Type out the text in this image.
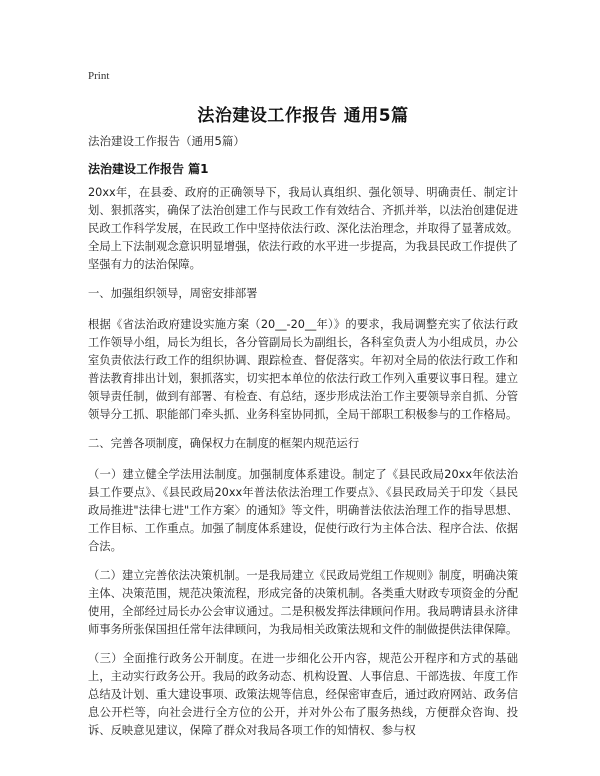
Print
法治建设工作报告 通用5篇
法治建设工作报告（通用5篇）
法治建设工作报告 篇1

20xx年，在县委、政府的正确领导下，我局认真组织、强化领导、明确责任、制定计划、狠抓落实，确保了法治创建工作与民政工作有效结合、齐抓并举，以法治创建促进民政工作科学发展，在民政工作中坚持依法行政、深化法治理念，并取得了显著成效。全局上下法制观念意识明显增强，依法行政的水平进一步提高，为我县民政工作提供了坚强有力的法治保障。

一、加强组织领导，周密安排部署

根据《省法治政府建设实施方案（20__-20__年）》的要求，我局调整充实了依法行政工作领导小组，局长为组长，各分管副局长为副组长，各科室负责人为小组成员，办公室负责依法行政工作的组织协调、跟踪检查、督促落实。年初对全局的依法行政工作和普法教育排出计划，狠抓落实，切实把本单位的依法行政工作列入重要议事日程。建立领导责任制，做到有部署、有检查、有总结，逐步形成法治工作主要领导亲自抓、分管领导分工抓、职能部门牵头抓、业务科室协同抓，全局干部职工积极参与的工作格局。

二、完善各项制度，确保权力在制度的框架内规范运行

（一）建立健全学法用法制度。加强制度体系建设。制定了《县民政局20xx年依法治县工作要点》、《县民政局20xx年普法依法治理工作要点》、《县民政局关于印发〈县民政局推进"法律七进"工作方案〉的通知》等文件，明确普法依法治理工作的指导思想、工作目标、工作重点。加强了制度体系建设，促使行政行为主体合法、程序合法、依据合法。

（二）建立完善依法决策机制。一是我局建立《民政局党组工作规则》制度，明确决策主体、决策范围，规范决策流程，形成完备的决策机制。各类重大财政专项资金的分配使用，全部经过局长办公会审议通过。二是积极发挥法律顾问作用。我局聘请县永济律师事务所张保国担任常年法律顾问，为我局相关政策法规和文件的制做提供法律保障。

（三）全面推行政务公开制度。在进一步细化公开内容，规范公开程序和方式的基础上，主动实行政务公开。我局的政务动态、机构设置、人事信息、干部选拔、年度工作总结及计划、重大建设事项、政策法规等信息，经保密审查后，通过政府网站、政务信息公开栏等，向社会进行全方位的公开，并对外公布了服务热线，方便群众咨询、投诉、反映意见建议，保障了群众对我局各项工作的知情权、参与权
